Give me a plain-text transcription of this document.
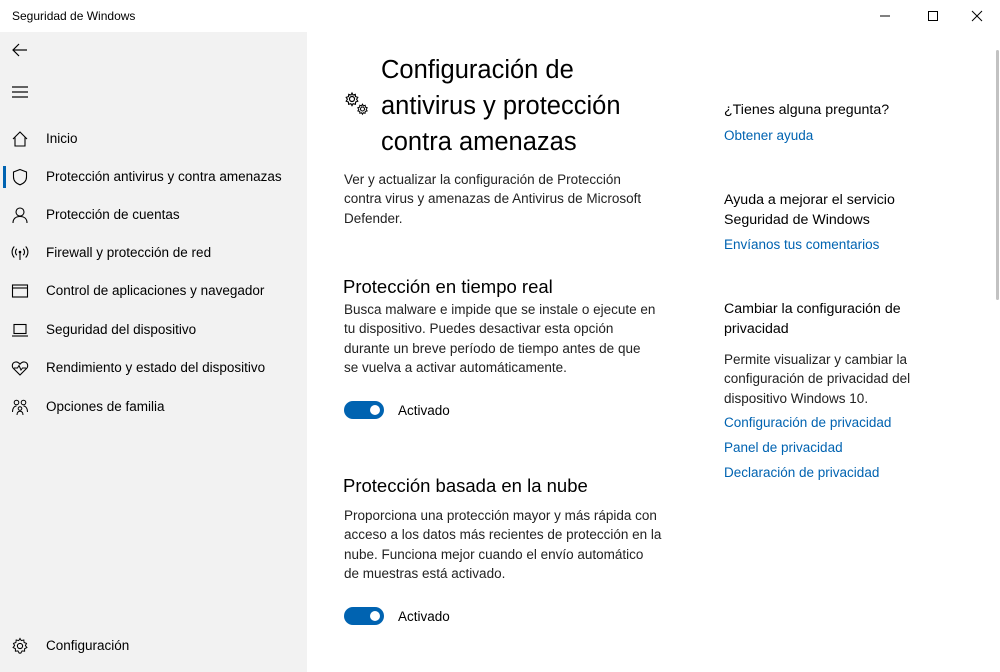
Seguridad de Windows
Inicio
Protección antivirus y contra amenazas
Protección de cuentas
Firewall y protección de red
Control de aplicaciones y navegador
Seguridad del dispositivo
Rendimiento y estado del dispositivo
Opciones de familia
Configuración
Configuración de
antivirus y protección
contra amenazas
Ver y actualizar la configuración de Protección
contra virus y amenazas de Antivirus de Microsoft
Defender.
Protección en tiempo real
Busca malware e impide que se instale o ejecute en
tu dispositivo. Puedes desactivar esta opción
durante un breve período de tiempo antes de que
se vuelva a activar automáticamente.
Activado
Protección basada en la nube
Proporciona una protección mayor y más rápida con
acceso a los datos más recientes de protección en la
nube. Funciona mejor cuando el envío automático
de muestras está activado.
Activado
¿Tienes alguna pregunta?
Obtener ayuda
Ayuda a mejorar el servicio
Seguridad de Windows
Envíanos tus comentarios
Cambiar la configuración de
privacidad
Permite visualizar y cambiar la
configuración de privacidad del
dispositivo Windows 10.
Configuración de privacidad
Panel de privacidad
Declaración de privacidad
